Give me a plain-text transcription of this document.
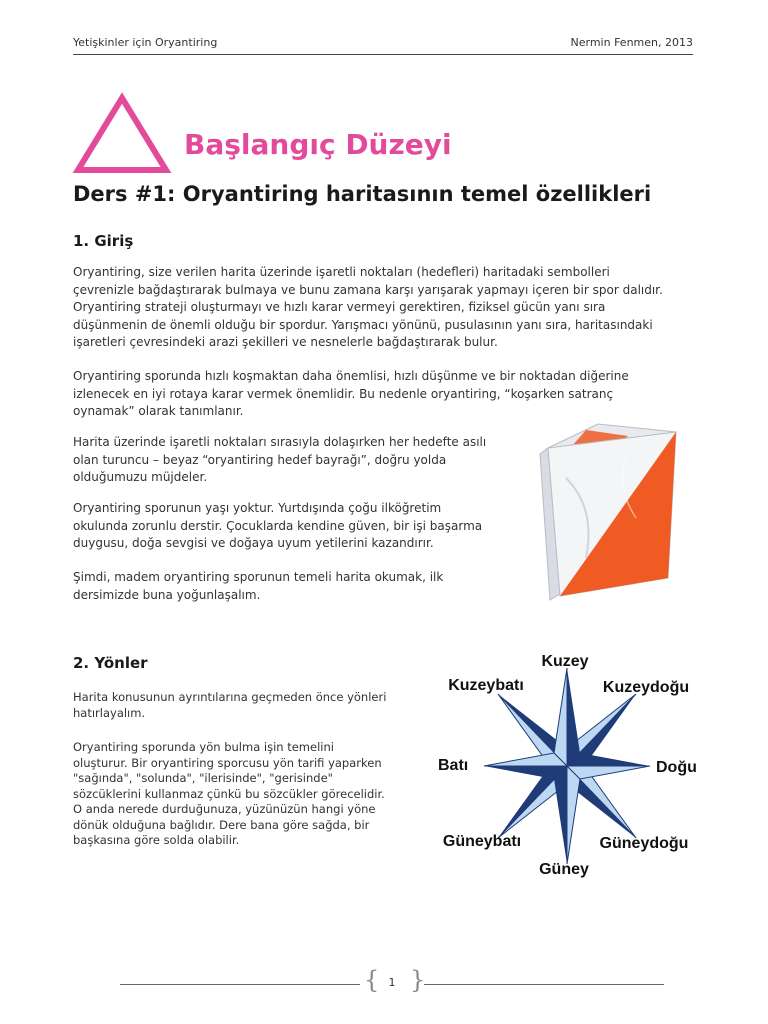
Yetişkinler için Oryantiring	Nermin Fenmen, 2013
Başlangıç Düzeyi
Ders #1: Oryantiring haritasının temel özellikleri
1. Giriş
Oryantiring, size verilen harita üzerinde işaretli noktaları (hedefleri) haritadaki sembolleri
çevrenizle bağdaştırarak bulmaya ve bunu zamana karşı yarışarak yapmayı içeren bir spor dalıdır.
Oryantiring strateji oluşturmayı ve hızlı karar vermeyi gerektiren, fiziksel gücün yanı sıra
düşünmenin de önemli olduğu bir spordur. Yarışmacı yönünü, pusulasının yanı sıra, haritasındaki
işaretleri çevresindeki arazi şekilleri ve nesnelerle bağdaştırarak bulur.
Oryantiring sporunda hızlı koşmaktan daha önemlisi, hızlı düşünme ve bir noktadan diğerine
izlenecek en iyi rotaya karar vermek önemlidir. Bu nedenle oryantiring, “koşarken satranç
oynamak” olarak tanımlanır.
Harita üzerinde işaretli noktaları sırasıyla dolaşırken her hedefte asılı
olan turuncu – beyaz “oryantiring hedef bayrağı”, doğru yolda
olduğumuzu müjdeler.
Oryantiring sporunun yaşı yoktur. Yurtdışında çoğu ilköğretim
okulunda zorunlu derstir. Çocuklarda kendine güven, bir işi başarma
duygusu, doğa sevgisi ve doğaya uyum yetilerini kazandırır.
Şimdi, madem oryantiring sporunun temeli harita okumak, ilk
dersimizde buna yoğunlaşalım.
2. Yönler
Harita konusunun ayrıntılarına geçmeden önce yönleri
hatırlayalım.
Oryantiring sporunda yön bulma işin temelini
oluşturur. Bir oryantiring sporcusu yön tarifi yaparken
"sağında", "solunda", "ilerisinde", "gerisinde"
sözcüklerini kullanmaz çünkü bu sözcükler görecelidir.
O anda nerede durduğunuza, yüzünüzün hangi yöne
dönük olduğuna bağlıdır. Dere bana göre sağda, bir
başkasına göre solda olabilir.
Kuzey
Kuzeybatı	Kuzeydoğu
Batı	Doğu
Güneybatı	Güneydoğu
Güney
{ }
1
